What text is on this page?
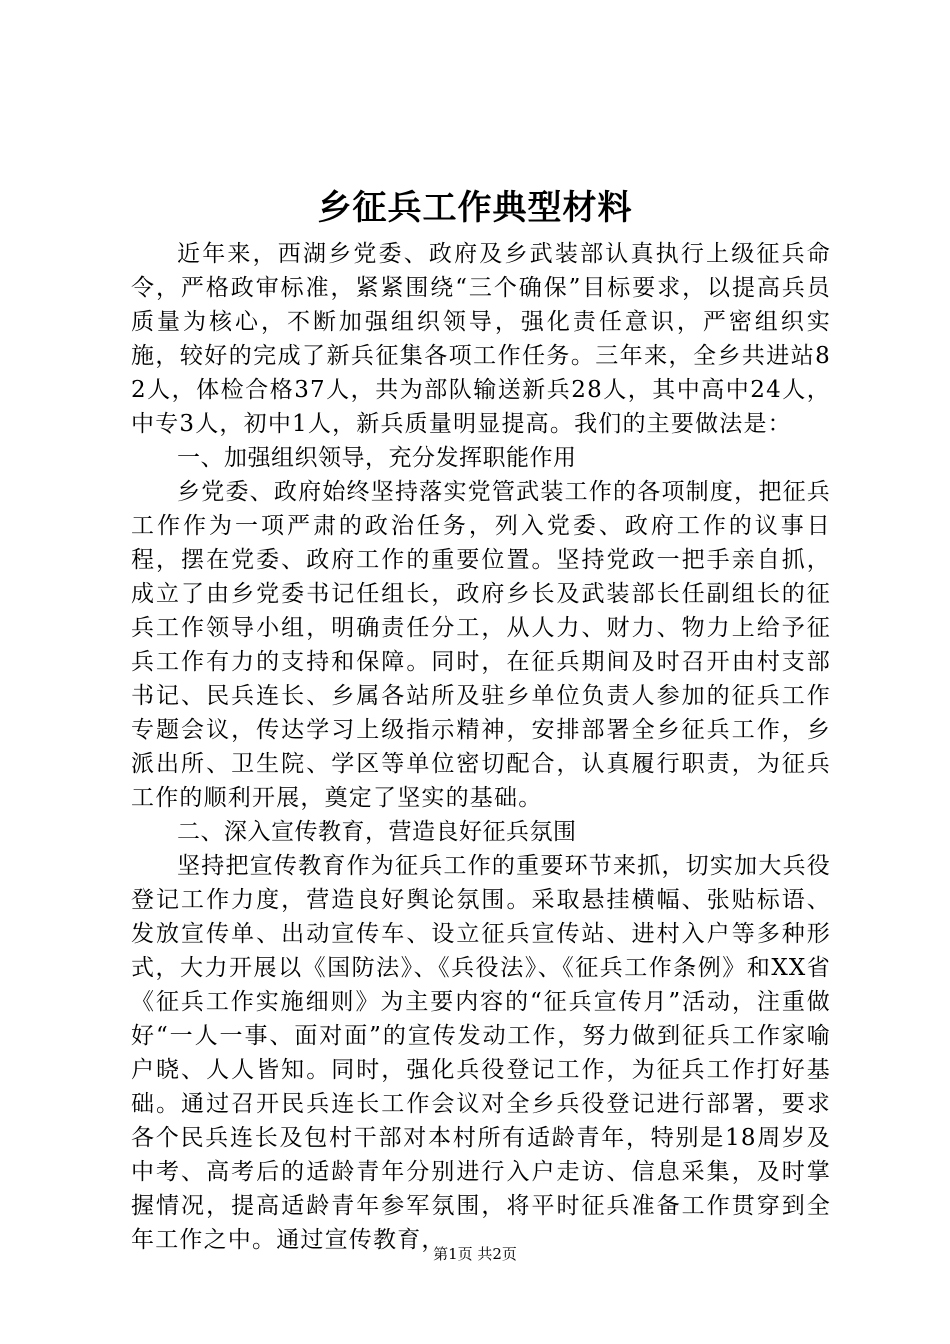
乡征兵工作典型材料

近年来，西湖乡党委、政府及乡武装部认真执行上级征兵命令，严格政审标准，紧紧围绕“三个确保”目标要求，以提高兵员质量为核心，不断加强组织领导，强化责任意识，严密组织实施，较好的完成了新兵征集各项工作任务。三年来，全乡共进站82人，体检合格37人，共为部队输送新兵28人，其中高中24人，中专3人，初中1人，新兵质量明显提高。我们的主要做法是：

一、加强组织领导，充分发挥职能作用

乡党委、政府始终坚持落实党管武装工作的各项制度，把征兵工作作为一项严肃的政治任务，列入党委、政府工作的议事日程，摆在党委、政府工作的重要位置。坚持党政一把手亲自抓，成立了由乡党委书记任组长，政府乡长及武装部长任副组长的征兵工作领导小组，明确责任分工，从人力、财力、物力上给予征兵工作有力的支持和保障。同时，在征兵期间及时召开由村支部书记、民兵连长、乡属各站所及驻乡单位负责人参加的征兵工作专题会议，传达学习上级指示精神，安排部署全乡征兵工作，乡派出所、卫生院、学区等单位密切配合，认真履行职责，为征兵工作的顺利开展，奠定了坚实的基础。

二、深入宣传教育，营造良好征兵氛围

坚持把宣传教育作为征兵工作的重要环节来抓，切实加大兵役登记工作力度，营造良好舆论氛围。采取悬挂横幅、张贴标语、发放宣传单、出动宣传车、设立征兵宣传站、进村入户等多种形式，大力开展以《国防法》、《兵役法》、《征兵工作条例》和XX省《征兵工作实施细则》为主要内容的“征兵宣传月”活动，注重做好“一人一事、面对面”的宣传发动工作，努力做到征兵工作家喻户晓、人人皆知。同时，强化兵役登记工作，为征兵工作打好基础。通过召开民兵连长工作会议对全乡兵役登记进行部署，要求各个民兵连长及包村干部对本村所有适龄青年，特别是18周岁及中考、高考后的适龄青年分别进行入户走访、信息采集，及时掌握情况，提高适龄青年参军氛围，将平时征兵准备工作贯穿到全年工作之中。通过宣传教育，

第1页 共2页
